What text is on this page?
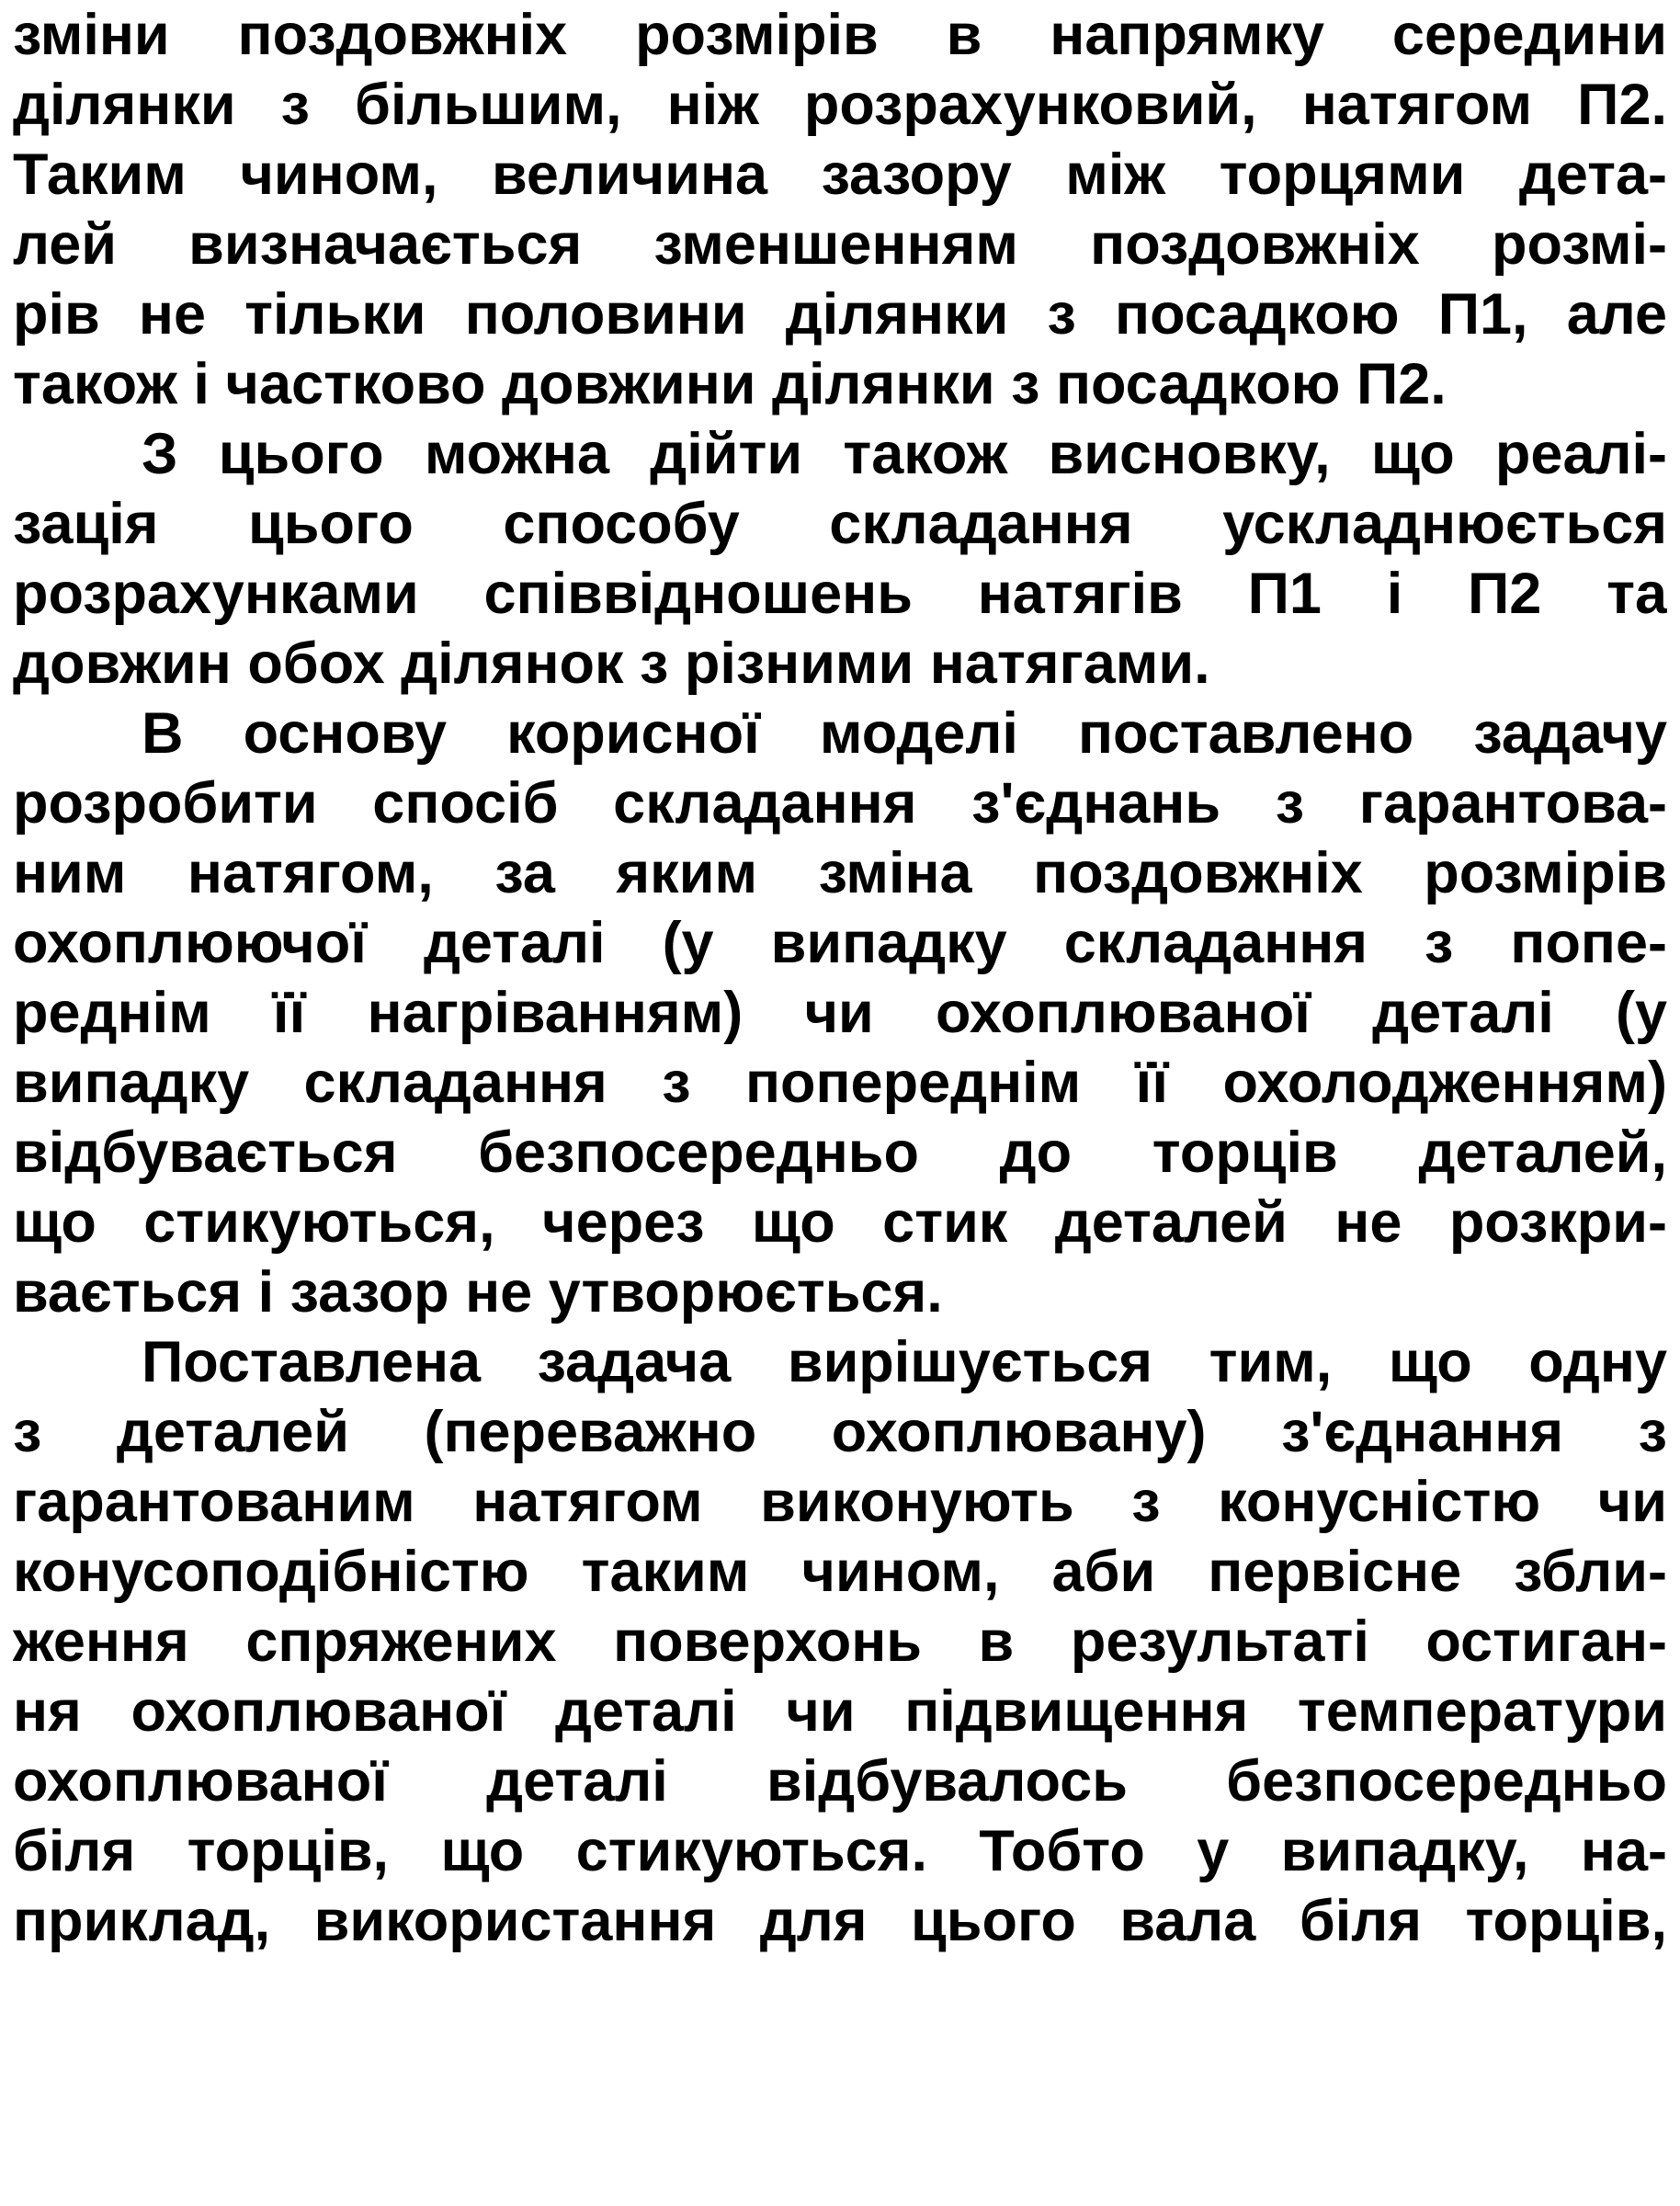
зміни поздовжніх розмірів в напрямку середини
ділянки з більшим, ніж розрахунковий, натягом П2.
Таким чином, величина зазору між торцями дета-
лей визначається зменшенням поздовжніх розмі-
рів не тільки половини ділянки з посадкою П1, але
також і частково довжини ділянки з посадкою П2.
З цього можна дійти також висновку, що реалі-
зація цього способу складання ускладнюється
розрахунками співвідношень натягів П1 і П2 та
довжин обох ділянок з різними натягами.
В основу корисної моделі поставлено задачу
розробити спосіб складання з'єднань з гарантова-
ним натягом, за яким зміна поздовжніх розмірів
охоплюючої деталі (у випадку складання з попе-
реднім її нагріванням) чи охоплюваної деталі (у
випадку складання з попереднім її охолодженням)
відбувається безпосередньо до торців деталей,
що стикуються, через що стик деталей не розкри-
вається і зазор не утворюється.
Поставлена задача вирішується тим, що одну
з деталей (переважно охоплювану) з'єднання з
гарантованим натягом виконують з конусністю чи
конусоподібністю таким чином, аби первісне збли-
ження спряжених поверхонь в результаті остиган-
ня охоплюваної деталі чи підвищення температури
охоплюваної деталі відбувалось безпосередньо
біля торців, що стикуються. Тобто у випадку, на-
приклад, використання для цього вала біля торців,
